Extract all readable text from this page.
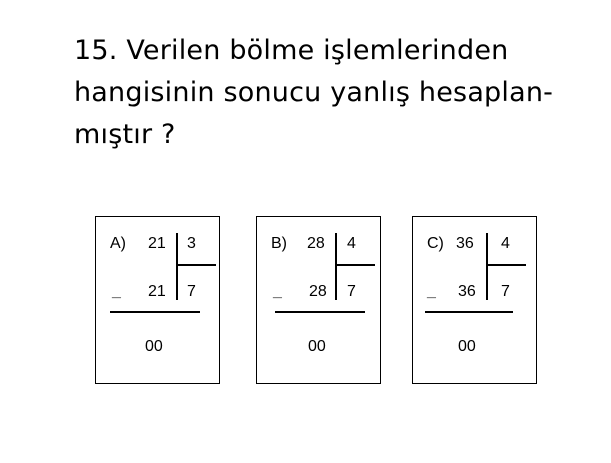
15. Verilen bölme işlemlerinden
hangisinin sonucu yanlış hesaplan-
mıştır ?
A) 21 3
_ 21 7
00
B) 28 4
_ 28 7
00
C) 36 4
_ 36 7
00
